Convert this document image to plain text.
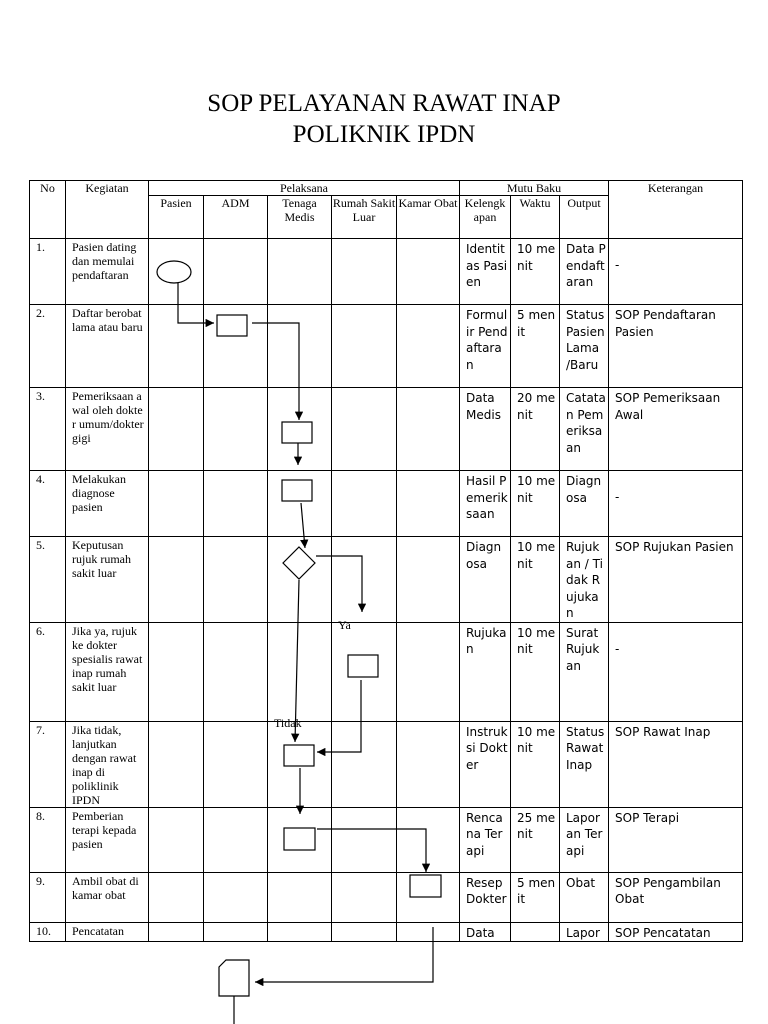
SOP PELAYANAN RAWAT INAP
POLIKNIK IPDN
No	Kegiatan	Pelaksana					Mutu Baku			Keterangan
		Pasien	ADM	Tenaga Medis	Rumah Sakit Luar	Kamar Obat	Kelengkapan	Waktu	Output	
1.	Pasien dating dan memulai pendaftaran						Identitas Pasien	10 menit	Data Pendaftaran	-
2.	Daftar berobat lama atau baru						Formulir Pendaftaran	5 menit	Status Pasien Lama /Baru	SOP Pendaftaran Pasien
3.	Pemeriksaan awal oleh dokter umum/dokter gigi						Data Medis	20 menit	Catatan Pemeriksaan	SOP Pemeriksaan Awal
4.	Melakukan diagnose pasien						Hasil Pemeriksaan	10 menit	Diagnosa	-
5.	Keputusan rujuk rumah sakit luar						Diagnosa	10 menit	Rujukan / Tidak Rujukan	SOP Rujukan Pasien
6.	Jika ya, rujuk ke dokter spesialis rawat inap rumah sakit luar						Rujukan	10 menit	Surat Rujukan	-
7.	Jika tidak, lanjutkan dengan rawat inap di poliklinik IPDN						Instruksi Dokter	10 menit	Status Rawat Inap	SOP Rawat Inap
8.	Pemberian terapi kepada pasien						Rencana Terapi	25 menit	Laporan Terapi	SOP Terapi
9.	Ambil obat di kamar obat						Resep Dokter	5 menit	Obat	SOP Pengambilan Obat
10.	Pencatatan						Data		Lapor	SOP Pencatatan
Ya
Tidak
